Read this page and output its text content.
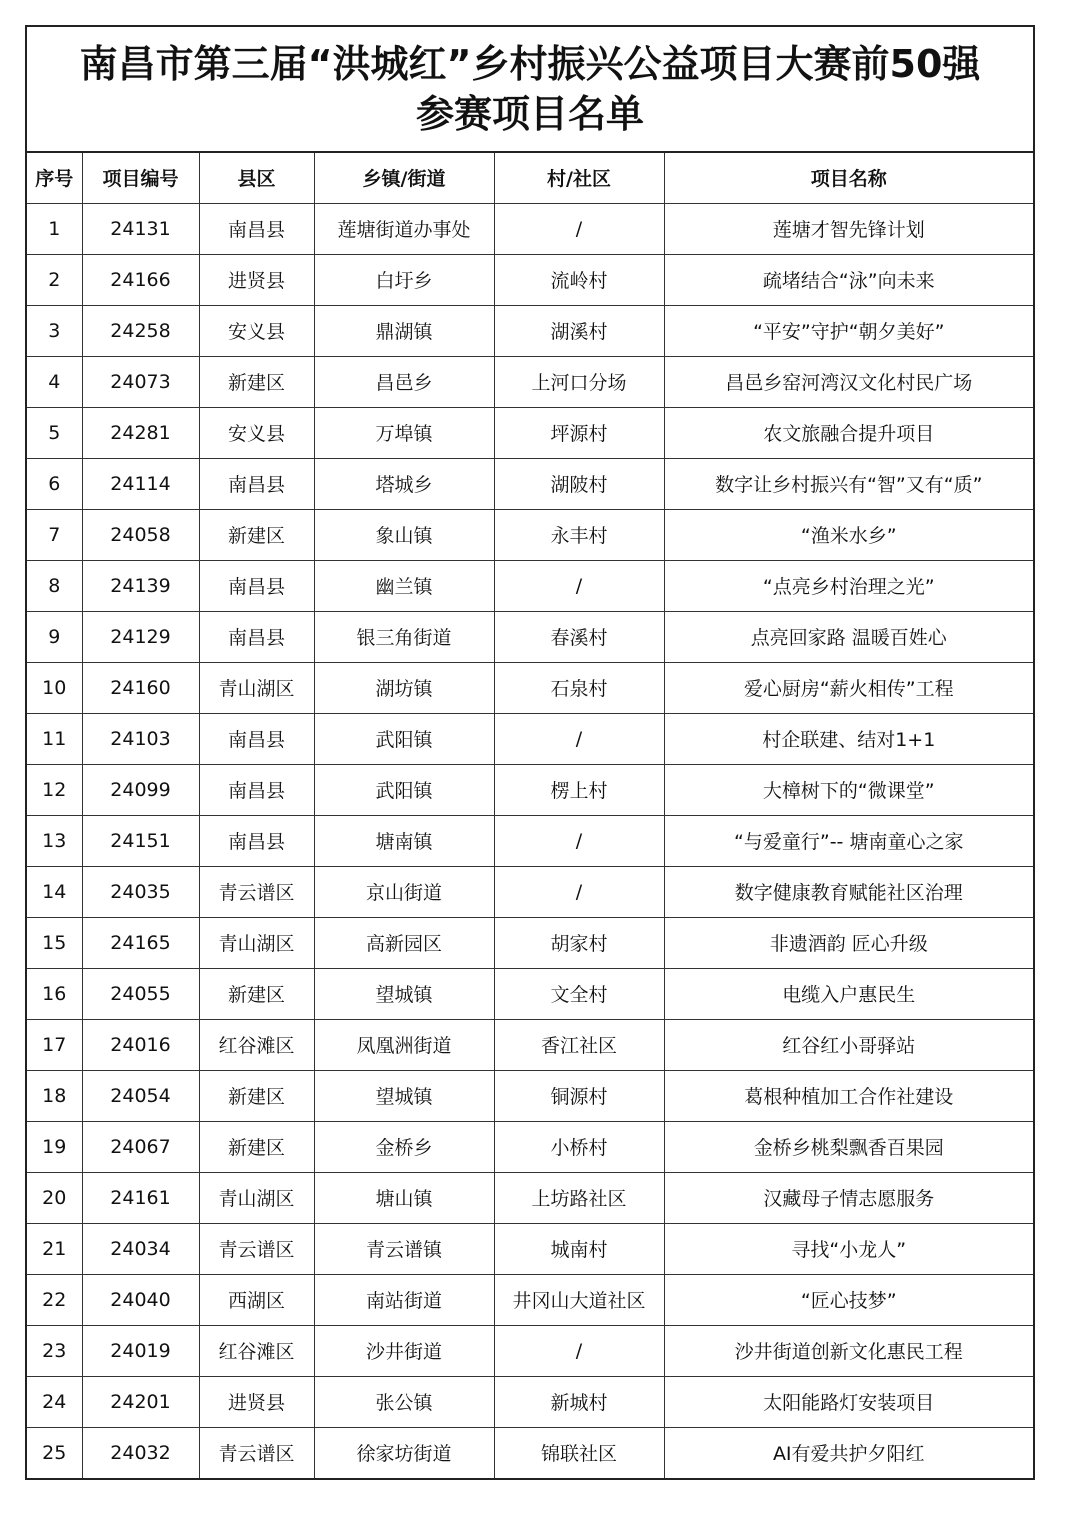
南昌市第三届“洪城红”乡村振兴公益项目大赛前50强
参赛项目名单
序号	项目编号	县区	乡镇/街道	村/社区	项目名称
1	24131	南昌县	莲塘街道办事处	/	莲塘才智先锋计划
2	24166	进贤县	白圩乡	流岭村	疏堵结合“泳”向未来
3	24258	安义县	鼎湖镇	湖溪村	“平安”守护“朝夕美好”
4	24073	新建区	昌邑乡	上河口分场	昌邑乡窑河湾汉文化村民广场
5	24281	安义县	万埠镇	坪源村	农文旅融合提升项目
6	24114	南昌县	塔城乡	湖陂村	数字让乡村振兴有“智”又有“质”
7	24058	新建区	象山镇	永丰村	“渔米水乡”
8	24139	南昌县	幽兰镇	/	“点亮乡村治理之光”
9	24129	南昌县	银三角街道	春溪村	点亮回家路 温暖百姓心
10	24160	青山湖区	湖坊镇	石泉村	爱心厨房“薪火相传”工程
11	24103	南昌县	武阳镇	/	村企联建、结对1+1
12	24099	南昌县	武阳镇	楞上村	大樟树下的“微课堂”
13	24151	南昌县	塘南镇	/	“与爱童行”-- 塘南童心之家
14	24035	青云谱区	京山街道	/	数字健康教育赋能社区治理
15	24165	青山湖区	高新园区	胡家村	非遗酒韵 匠心升级
16	24055	新建区	望城镇	文全村	电缆入户惠民生
17	24016	红谷滩区	凤凰洲街道	香江社区	红谷红小哥驿站
18	24054	新建区	望城镇	铜源村	葛根种植加工合作社建设
19	24067	新建区	金桥乡	小桥村	金桥乡桃梨飘香百果园
20	24161	青山湖区	塘山镇	上坊路社区	汉藏母子情志愿服务
21	24034	青云谱区	青云谱镇	城南村	寻找“小龙人”
22	24040	西湖区	南站街道	井冈山大道社区	“匠心技梦”
23	24019	红谷滩区	沙井街道	/	沙井街道创新文化惠民工程
24	24201	进贤县	张公镇	新城村	太阳能路灯安装项目
25	24032	青云谱区	徐家坊街道	锦联社区	AI有爱共护夕阳红
